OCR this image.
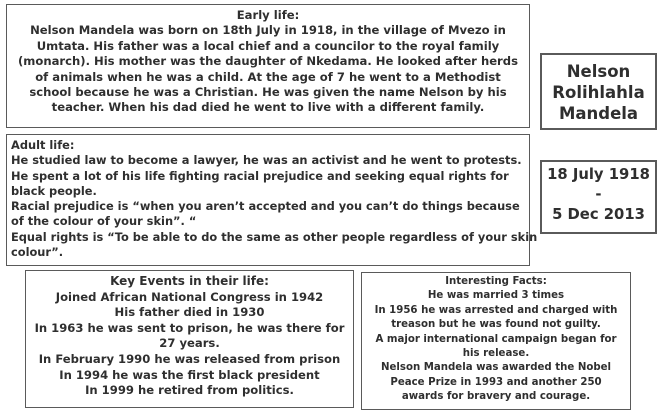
Early life:
Nelson Mandela was born on 18th July in 1918, in the village of Mvezo in
Umtata. His father was a local chief and a councilor to the royal family
(monarch). His mother was the daughter of Nkedama. He looked after herds
of animals when he was a child. At the age of 7 he went to a Methodist
school because he was a Christian. He was given the name Nelson by his
teacher. When his dad died he went to live with a different family.
Nelson
Rolihlahla
Mandela
Adult life:
He studied law to become a lawyer, he was an activist and he went to protests.
He spent a lot of his life fighting racial prejudice and seeking equal rights for
black people.
Racial prejudice is “when you aren’t accepted and you can’t do things because
of the colour of your skin”. “
Equal rights is “To be able to do the same as other people regardless of your skin
colour”.
18 July 1918
-
5 Dec 2013
Key Events in their life:
Joined African National Congress in 1942
His father died in 1930
In 1963 he was sent to prison, he was there for
27 years.
In February 1990 he was released from prison
In 1994 he was the first black president
In 1999 he retired from politics.
Interesting Facts:
He was married 3 times
In 1956 he was arrested and charged with
treason but he was found not guilty.
A major international campaign began for
his release.
Nelson Mandela was awarded the Nobel
Peace Prize in 1993 and another 250
awards for bravery and courage.
